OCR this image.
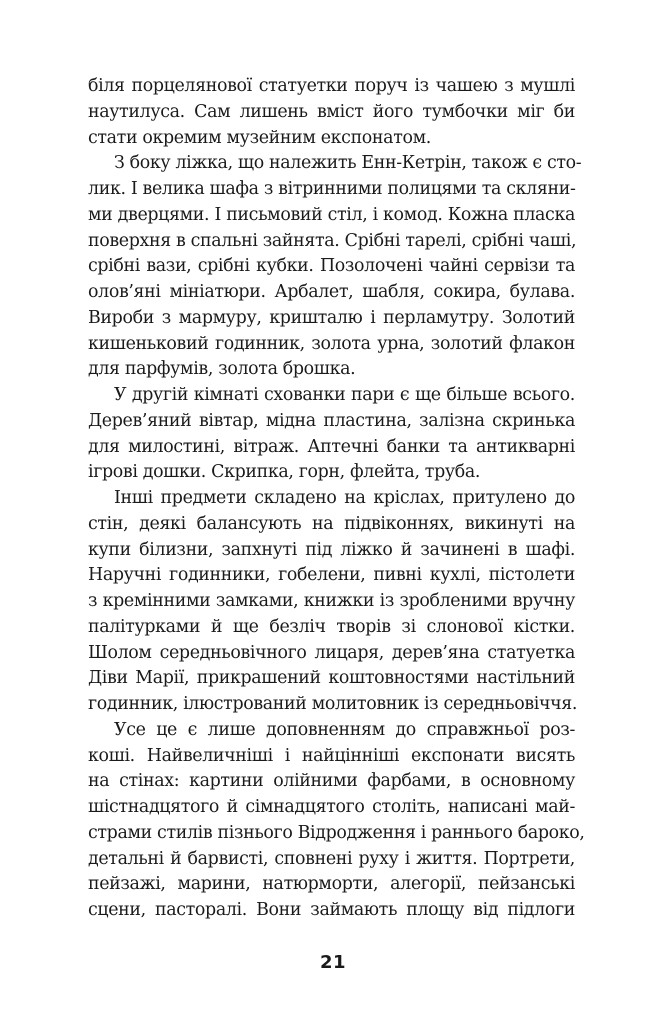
біля порцелянової статуетки поруч із чашею з мушлі
наутилуса. Сам лишень вміст його тумбочки міг би
стати окремим музейним експонатом.
З боку ліжка, що належить Енн-Кетрін, також є сто-
лик. І велика шафа з вітринними полицями та скляни-
ми дверцями. І письмовий стіл, і комод. Кожна пласка
поверхня в спальні зайнята. Срібні тарелі, срібні чаші,
срібні вази, срібні кубки. Позолочені чайні сервізи та
олов’яні мініатюри. Арбалет, шабля, сокира, булава.
Вироби з мармуру, кришталю і перламутру. Золотий
кишеньковий годинник, золота урна, золотий флакон
для парфумів, золота брошка.
У другій кімнаті схованки пари є ще більше всього.
Дерев’яний вівтар, мідна пластина, залізна скринька
для милостині, вітраж. Аптечні банки та антикварні
ігрові дошки. Скрипка, горн, флейта, труба.
Інші предмети складено на кріслах, притулено до
стін, деякі балансують на підвіконнях, викинуті на
купи білизни, запхнуті під ліжко й зачинені в шафі.
Наручні годинники, гобелени, пивні кухлі, пістолети
з кремінними замками, книжки із зробленими вручну
палітурками й ще безліч творів зі слонової кістки.
Шолом середньовічного лицаря, дерев’яна статуетка
Діви Марії, прикрашений коштовностями настільний
годинник, ілюстрований молитовник із середньовіччя.
Усе це є лише доповненням до справжньої роз-
коші. Найвеличніші і найцінніші експонати висять
на стінах: картини олійними фарбами, в основному
шістнадцятого й сімнадцятого століть, написані май-
страми стилів пізнього Відродження і раннього бароко,
детальні й барвисті, сповнені руху і життя. Портрети,
пейзажі, марини, натюрморти, алегорії, пейзанські
сцени, пасторалі. Вони займають площу від підлоги
21
